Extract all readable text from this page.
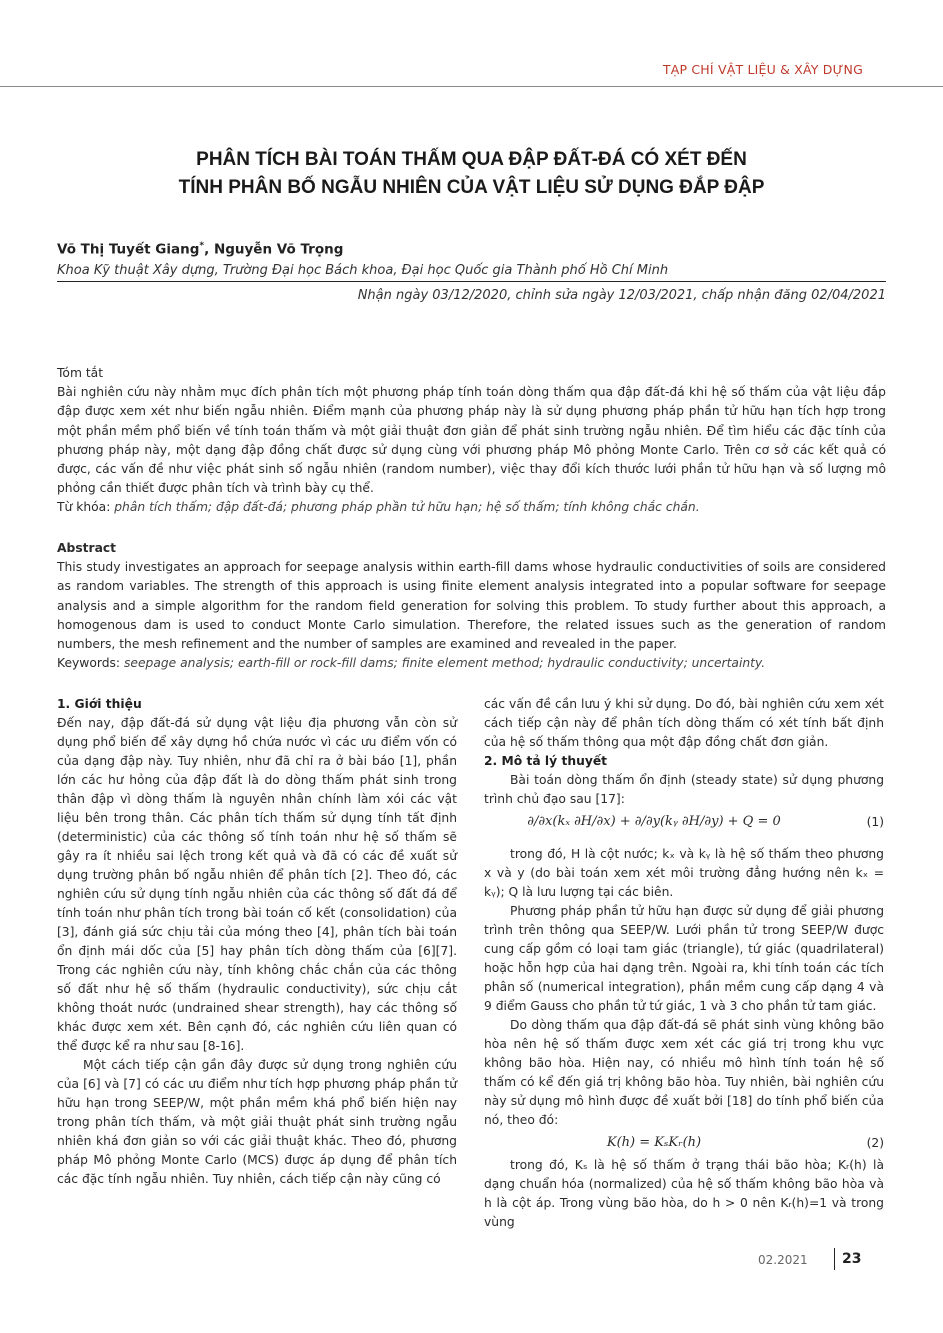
TẠP CHÍ VẬT LIỆU & XÂY DỰNG
PHÂN TÍCH BÀI TOÁN THẤM QUA ĐẬP ĐẤT-ĐÁ CÓ XÉT ĐẾN
TÍNH PHÂN BỐ NGẪU NHIÊN CỦA VẬT LIỆU SỬ DỤNG ĐẮP ĐẬP
Võ Thị Tuyết Giang*, Nguyễn Võ Trọng
Khoa Kỹ thuật Xây dựng, Trường Đại học Bách khoa, Đại học Quốc gia Thành phố Hồ Chí Minh
Nhận ngày 03/12/2020, chỉnh sửa ngày 12/03/2021, chấp nhận đăng 02/04/2021
Tóm tắt
Bài nghiên cứu này nhằm mục đích phân tích một phương pháp tính toán dòng thấm qua đập đất-đá khi hệ số thấm của vật liệu đắp đập được xem xét như biến ngẫu nhiên. Điểm mạnh của phương pháp này là sử dụng phương pháp phần tử hữu hạn tích hợp trong một phần mềm phổ biến về tính toán thấm và một giải thuật đơn giản để phát sinh trường ngẫu nhiên. Để tìm hiểu các đặc tính của phương pháp này, một dạng đập đồng chất được sử dụng cùng với phương pháp Mô phỏng Monte Carlo. Trên cơ sở các kết quả có được, các vấn đề như việc phát sinh số ngẫu nhiên (random number), việc thay đổi kích thước lưới phần tử hữu hạn và số lượng mô phỏng cần thiết được phân tích và trình bày cụ thể.
Từ khóa: phân tích thấm; đập đất-đá; phương pháp phần tử hữu hạn; hệ số thấm; tính không chắc chắn.
Abstract
This study investigates an approach for seepage analysis within earth-fill dams whose hydraulic conductivities of soils are considered as random variables. The strength of this approach is using finite element analysis integrated into a popular software for seepage analysis and a simple algorithm for the random field generation for solving this problem. To study further about this approach, a homogenous dam is used to conduct Monte Carlo simulation. Therefore, the related issues such as the generation of random numbers, the mesh refinement and the number of samples are examined and revealed in the paper.
Keywords: seepage analysis; earth-fill or rock-fill dams; finite element method; hydraulic conductivity; uncertainty.

1. Giới thiệu

Đến nay, đập đất-đá sử dụng vật liệu địa phương vẫn còn sử dụng phổ biến để xây dựng hồ chứa nước vì các ưu điểm vốn có của dạng đập này. Tuy nhiên, như đã chỉ ra ở bài báo [1], phần lớn các hư hỏng của đập đất là do dòng thấm phát sinh trong thân đập vì dòng thấm là nguyên nhân chính làm xói các vật liệu bên trong thân. Các phân tích thấm sử dụng tính tất định (deterministic) của các thông số tính toán như hệ số thấm sẽ gây ra ít nhiều sai lệch trong kết quả và đã có các đề xuất sử dụng trường phân bố ngẫu nhiên để phân tích [2]. Theo đó, các nghiên cứu sử dụng tính ngẫu nhiên của các thông số đất đá để tính toán như phân tích trong bài toán cố kết (consolidation) của [3], đánh giá sức chịu tải của móng theo [4], phân tích bài toán ổn định mái dốc của [5] hay phân tích dòng thấm của [6][7]. Trong các nghiên cứu này, tính không chắc chắn của các thông số đất như hệ số thấm (hydraulic conductivity), sức chịu cắt không thoát nước (undrained shear strength), hay các thông số khác được xem xét. Bên cạnh đó, các nghiên cứu liên quan có thể được kể ra như sau [8-16].

Một cách tiếp cận gần đây được sử dụng trong nghiên cứu của [6] và [7] có các ưu điểm như tích hợp phương pháp phần tử hữu hạn trong SEEP/W, một phần mềm khá phổ biến hiện nay trong phân tích thấm, và một giải thuật phát sinh trường ngẫu nhiên khá đơn giản so với các giải thuật khác. Theo đó, phương pháp Mô phỏng Monte Carlo (MCS) được áp dụng để phân tích các đặc tính ngẫu nhiên. Tuy nhiên, cách tiếp cận này cũng có

các vấn đề cần lưu ý khi sử dụng. Do đó, bài nghiên cứu xem xét cách tiếp cận này để phân tích dòng thấm có xét tính bất định của hệ số thấm thông qua một đập đồng chất đơn giản.

2. Mô tả lý thuyết

Bài toán dòng thấm ổn định (steady state) sử dụng phương trình chủ đạo sau [17]:

∂/∂x(kₓ ∂H/∂x) + ∂/∂y(kᵧ ∂H/∂y) + Q = 0	(1)

trong đó, H là cột nước; kₓ và kᵧ là hệ số thấm theo phương x và y (do bài toán xem xét môi trường đẳng hướng nên kₓ = kᵧ); Q là lưu lượng tại các biên.

Phương pháp phần tử hữu hạn được sử dụng để giải phương trình trên thông qua SEEP/W. Lưới phần tử trong SEEP/W được cung cấp gồm có loại tam giác (triangle), tứ giác (quadrilateral) hoặc hỗn hợp của hai dạng trên. Ngoài ra, khi tính toán các tích phân số (numerical integration), phần mềm cung cấp dạng 4 và 9 điểm Gauss cho phần tử tứ giác, 1 và 3 cho phần tử tam giác.

Do dòng thấm qua đập đất-đá sẽ phát sinh vùng không bão hòa nên hệ số thấm được xem xét các giá trị trong khu vực không bão hòa. Hiện nay, có nhiều mô hình tính toán hệ số thấm có kể đến giá trị không bão hòa. Tuy nhiên, bài nghiên cứu này sử dụng mô hình được đề xuất bởi [18] do tính phổ biến của nó, theo đó:

K(h) = KₛKᵣ(h)	(2)

trong đó, Kₛ là hệ số thấm ở trạng thái bão hòa; Kᵣ(h) là dạng chuẩn hóa (normalized) của hệ số thấm không bão hòa và h là cột áp. Trong vùng bão hòa, do h > 0 nên Kᵣ(h)=1 và trong vùng

02.2021 23
